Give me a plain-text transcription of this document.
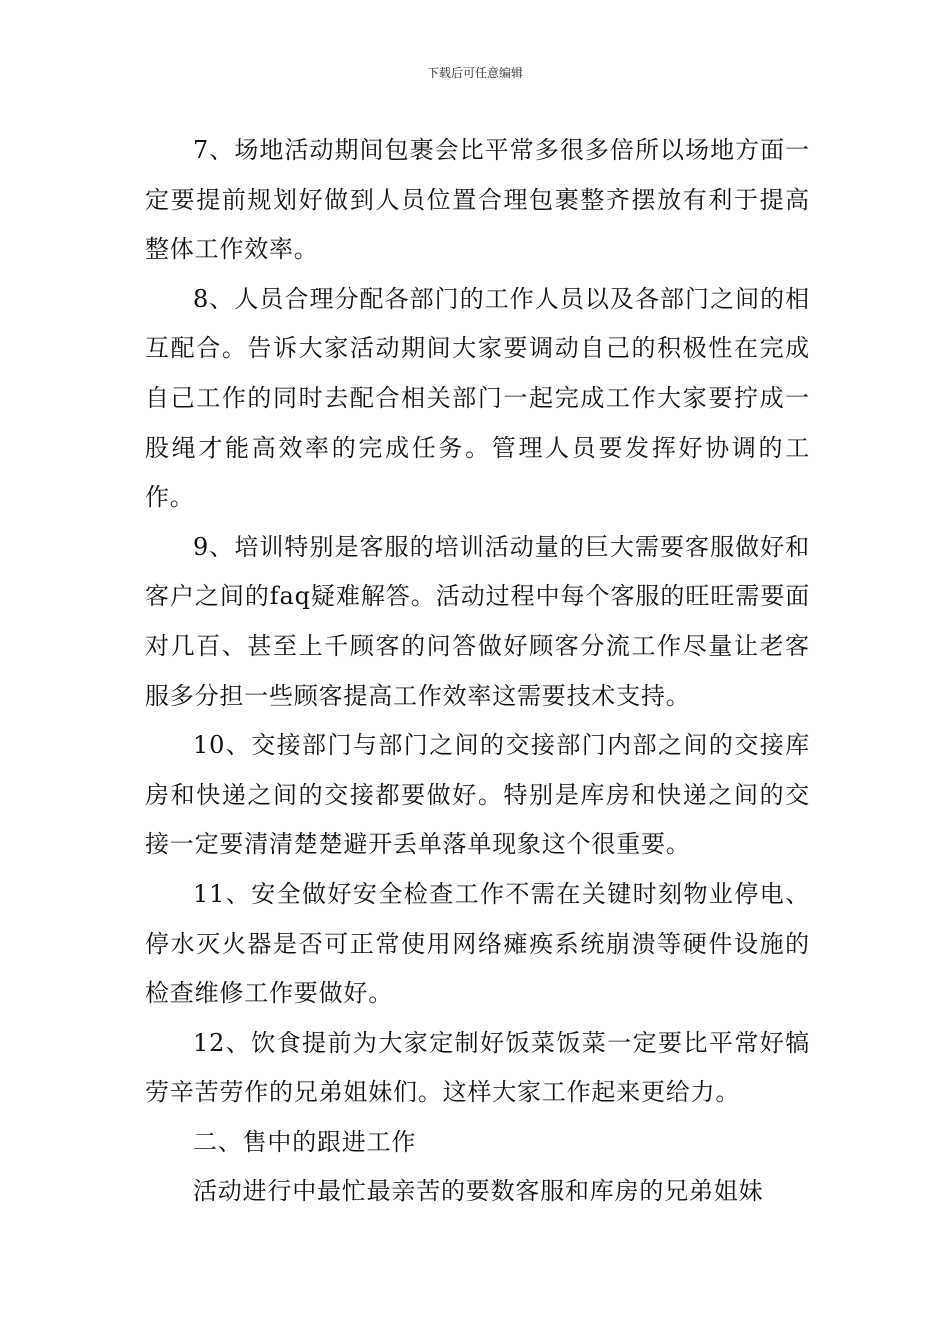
下载后可任意编辑

7、场地活动期间包裹会比平常多很多倍所以场地方面一定要提前规划好做到人员位置合理包裹整齐摆放有利于提高整体工作效率。

8、人员合理分配各部门的工作人员以及各部门之间的相互配合。告诉大家活动期间大家要调动自己的积极性在完成自己工作的同时去配合相关部门一起完成工作大家要拧成一股绳才能高效率的完成任务。管理人员要发挥好协调的工作。

9、培训特别是客服的培训活动量的巨大需要客服做好和客户之间的faq疑难解答。活动过程中每个客服的旺旺需要面对几百、甚至上千顾客的问答做好顾客分流工作尽量让老客服多分担一些顾客提高工作效率这需要技术支持。

10、交接部门与部门之间的交接部门内部之间的交接库房和快递之间的交接都要做好。特别是库房和快递之间的交接一定要清清楚楚避开丢单落单现象这个很重要。

11、安全做好安全检查工作不需在关键时刻物业停电、停水灭火器是否可正常使用网络瘫痪系统崩溃等硬件设施的检查维修工作要做好。

12、饮食提前为大家定制好饭菜饭菜一定要比平常好犒劳辛苦劳作的兄弟姐妹们。这样大家工作起来更给力。

二、售中的跟进工作

活动进行中最忙最亲苦的要数客服和库房的兄弟姐妹
